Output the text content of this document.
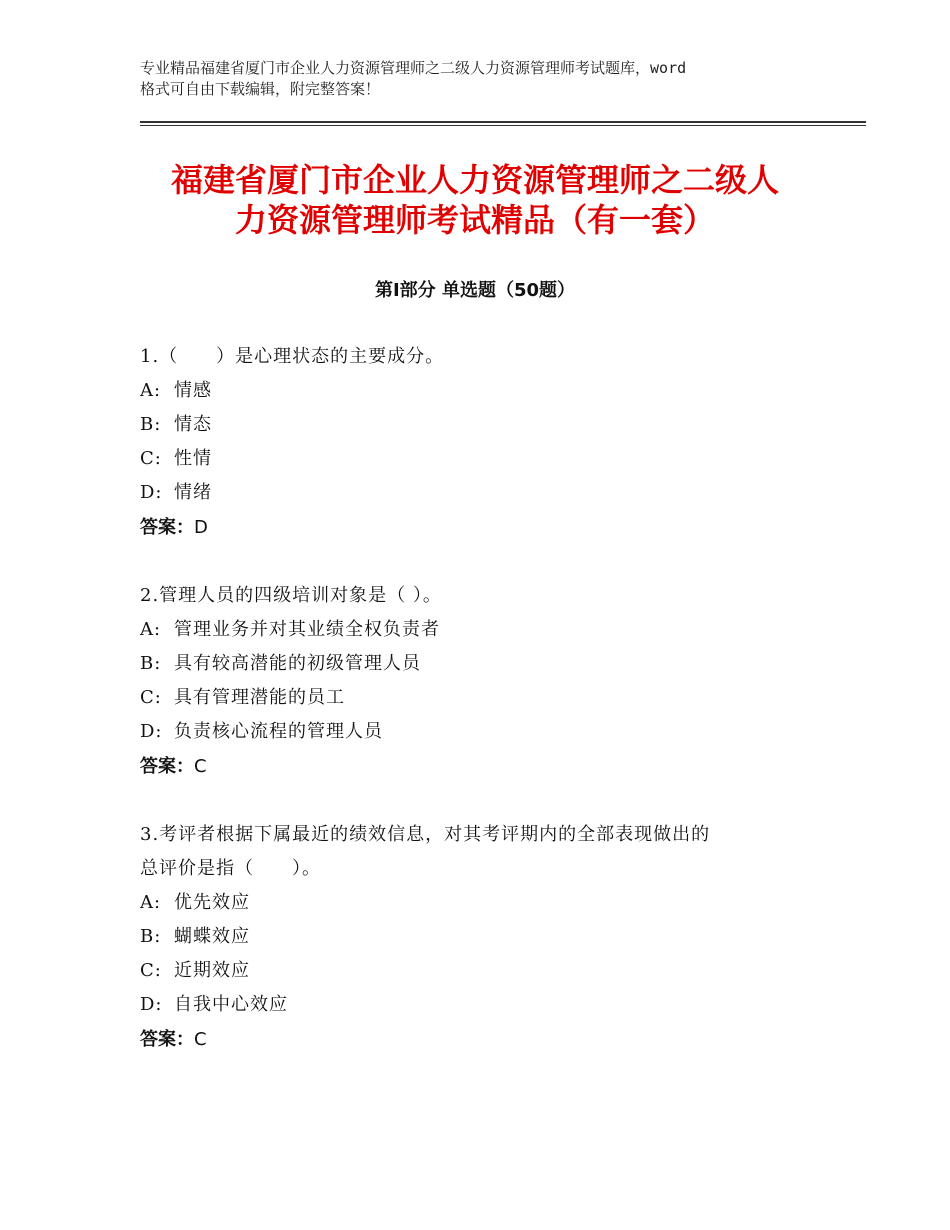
专业精品福建省厦门市企业人力资源管理师之二级人力资源管理师考试题库，word
格式可自由下载编辑，附完整答案！
福建省厦门市企业人力资源管理师之二级人
力资源管理师考试精品（有一套）
第Ⅰ部分 单选题（50题）
1.（　　）是心理状态的主要成分。
A: 情感
B: 情态
C: 性情
D: 情绪
答案：D
2.管理人员的四级培训对象是（ ）。
A: 管理业务并对其业绩全权负责者
B: 具有较高潜能的初级管理人员
C: 具有管理潜能的员工
D: 负责核心流程的管理人员
答案：C
3.考评者根据下属最近的绩效信息，对其考评期内的全部表现做出的
总评价是指（　　）。
A: 优先效应
B: 蝴蝶效应
C: 近期效应
D: 自我中心效应
答案：C
